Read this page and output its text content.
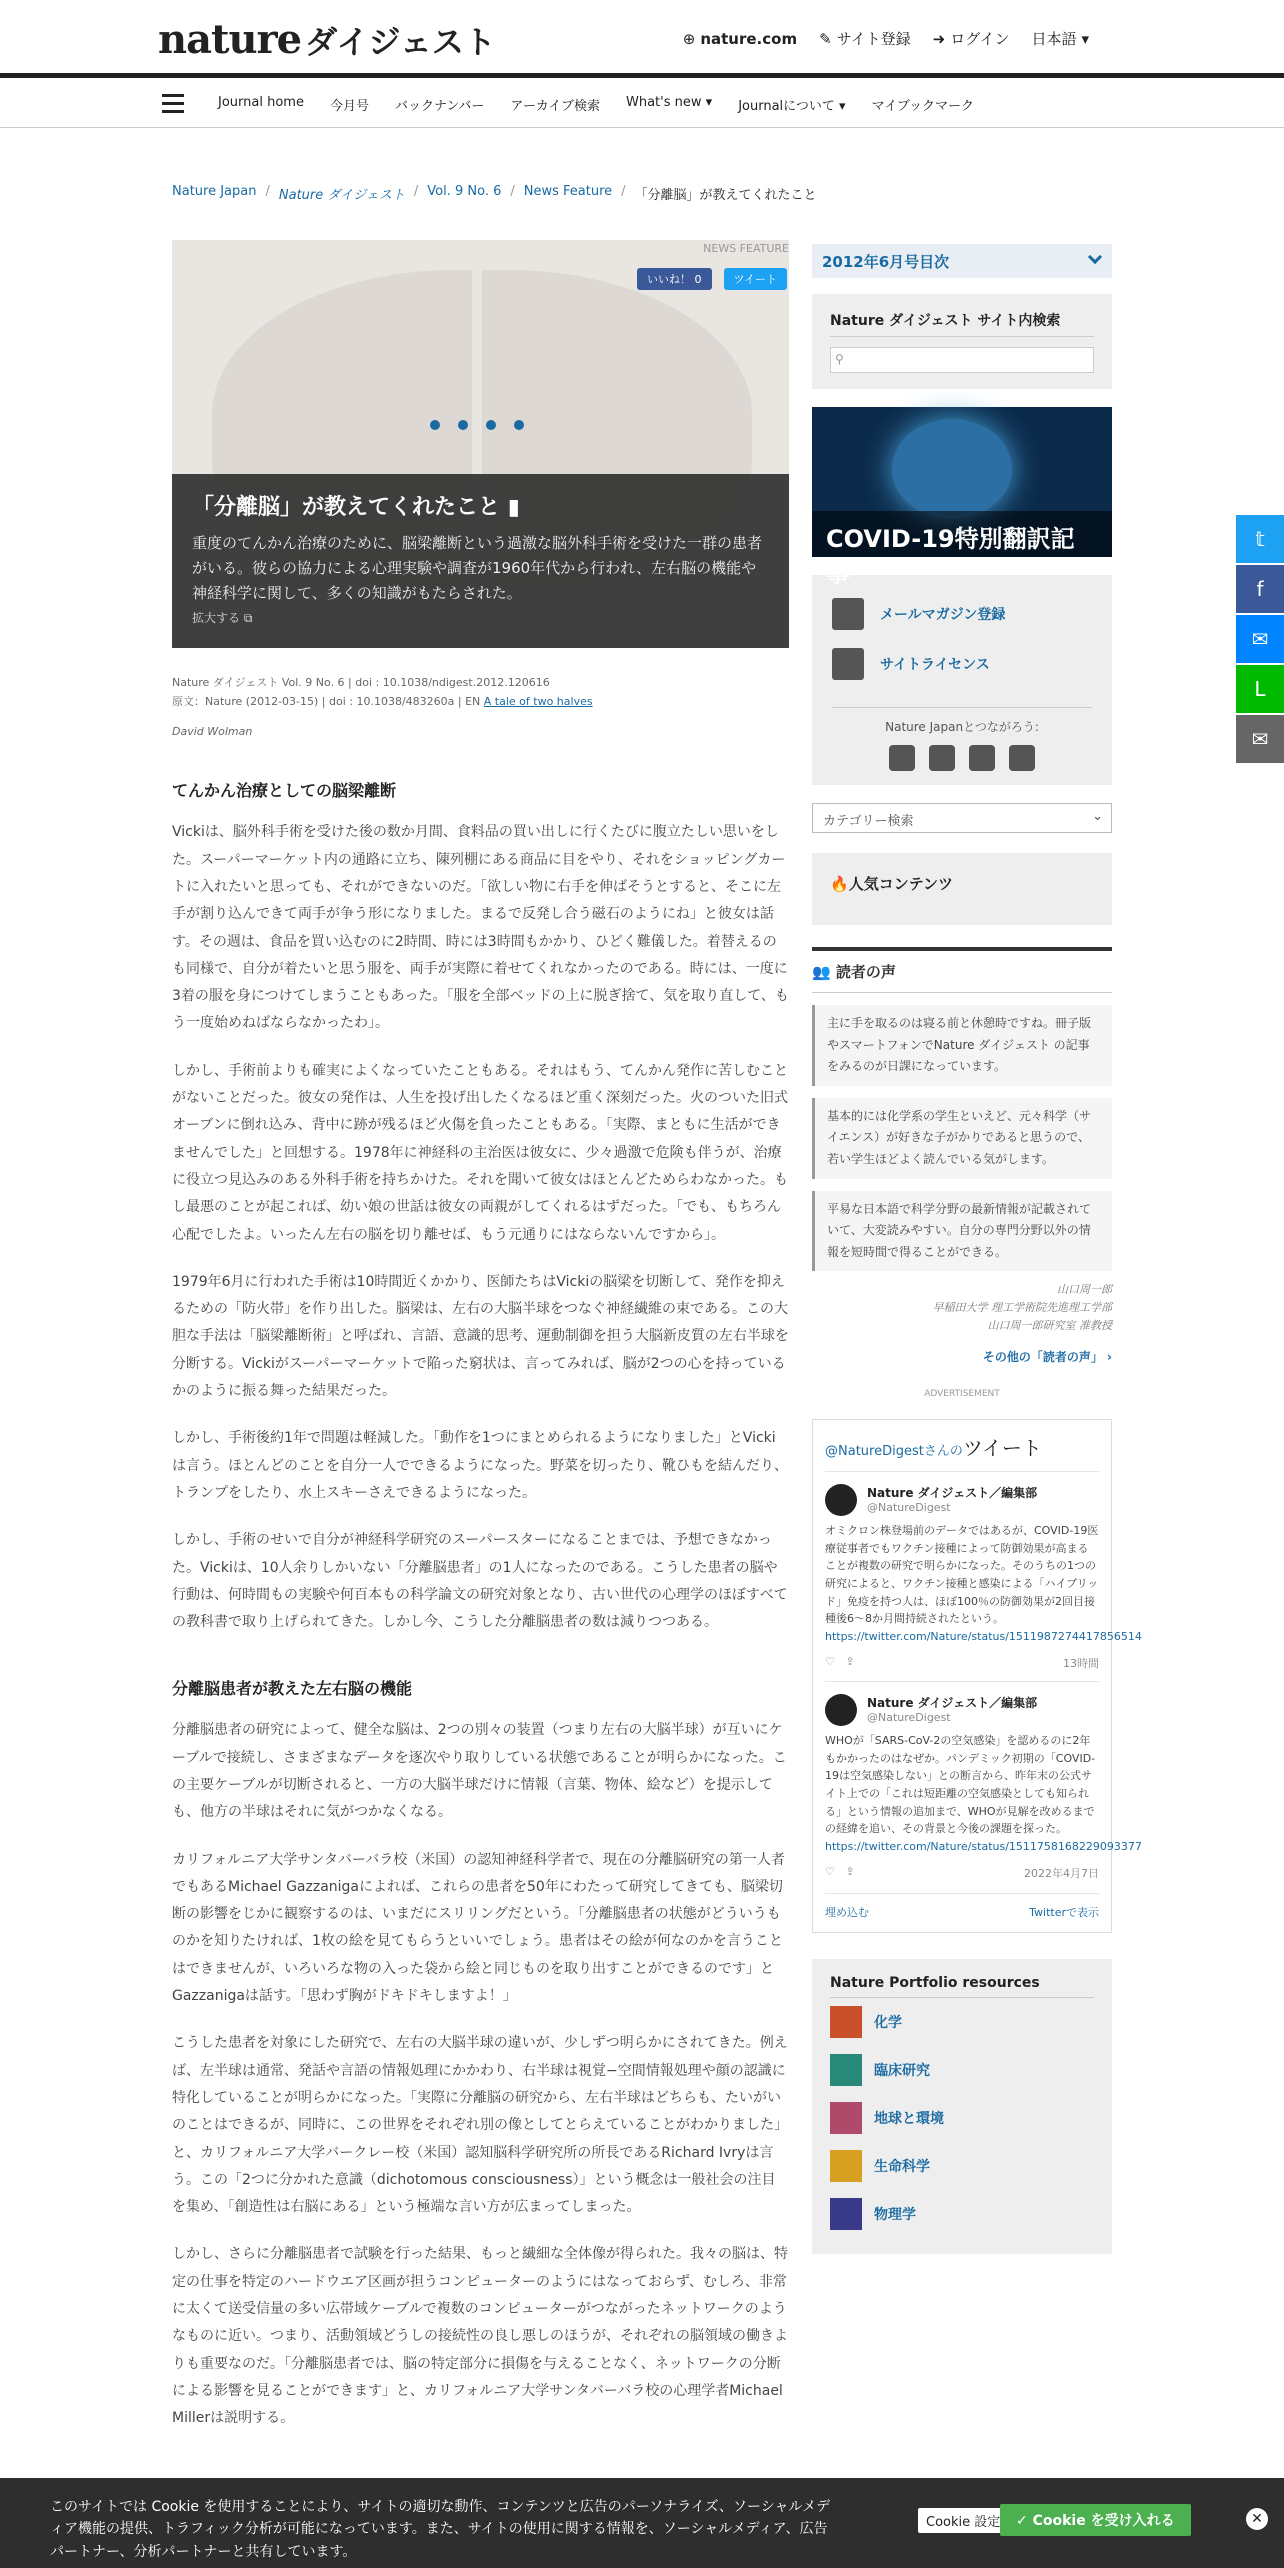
nature ダイジェスト	⊕ nature.com ✎ サイト登録 ➜ ログイン 日本語 ▾
Journal home 今月号 バックナンバー アーカイブ検索 What's new ▾ Journalについて ▾ マイブックマーク
Nature Japan / Nature ダイジェスト / Vol. 9 No. 6 / News Feature / 「分離脳」が教えてくれたこと
NEWS FEATURE
いいね！ 0	ツイート
「分離脳」が教えてくれたこと ▮

重度のてんかん治療のために、脳梁離断という過激な脳外科手術を受けた一群の患者がいる。彼らの協力による心理実験や調査が1960年代から行われ、左右脳の機能や神経科学に関して、多くの知識がもたらされた。

拡大する ⧉
Nature ダイジェスト Vol. 9 No. 6 | doi : 10.1038/ndigest.2012.120616
原文：Nature (2012-03-15) | doi : 10.1038/483260a | EN A tale of two halves
David Wolman
てんかん治療としての脳梁離断

Vickiは、脳外科手術を受けた後の数か月間、食料品の買い出しに行くたびに腹立たしい思いをした。スーパーマーケット内の通路に立ち、陳列棚にある商品に目をやり、それをショッピングカートに入れたいと思っても、それができないのだ。「欲しい物に右手を伸ばそうとすると、そこに左手が割り込んできて両手が争う形になりました。まるで反発し合う磁石のようにね」と彼女は話す。その週は、食品を買い込むのに2時間、時には3時間もかかり、ひどく難儀した。着替えるのも同様で、自分が着たいと思う服を、両手が実際に着せてくれなかったのである。時には、一度に3着の服を身につけてしまうこともあった。「服を全部ベッドの上に脱ぎ捨て、気を取り直して、もう一度始めねばならなかったわ」。

しかし、手術前よりも確実によくなっていたこともある。それはもう、てんかん発作に苦しむことがないことだった。彼女の発作は、人生を投げ出したくなるほど重く深刻だった。火のついた旧式オーブンに倒れ込み、背中に跡が残るほど火傷を負ったこともある。「実際、まともに生活ができませんでした」と回想する。1978年に神経科の主治医は彼女に、少々過激で危険も伴うが、治療に役立つ見込みのある外科手術を持ちかけた。それを聞いて彼女はほとんどためらわなかった。もし最悪のことが起これば、幼い娘の世話は彼女の両親がしてくれるはずだった。「でも、もちろん心配でしたよ。いったん左右の脳を切り離せば、もう元通りにはならないんですから」。

1979年6月に行われた手術は10時間近くかかり、医師たちはVickiの脳梁を切断して、発作を抑えるための「防火帯」を作り出した。脳梁は、左右の大脳半球をつなぐ神経繊維の束である。この大胆な手法は「脳梁離断術」と呼ばれ、言語、意識的思考、運動制御を担う大脳新皮質の左右半球を分断する。Vickiがスーパーマーケットで陥った窮状は、言ってみれば、脳が2つの心を持っているかのように振る舞った結果だった。

しかし、手術後約1年で問題は軽減した。「動作を1つにまとめられるようになりました」とVickiは言う。ほとんどのことを自分一人でできるようになった。野菜を切ったり、靴ひもを結んだり、トランプをしたり、水上スキーさえできるようになった。

しかし、手術のせいで自分が神経科学研究のスーパースターになることまでは、予想できなかった。Vickiは、10人余りしかいない「分離脳患者」の1人になったのである。こうした患者の脳や行動は、何時間もの実験や何百本もの科学論文の研究対象となり、古い世代の心理学のほぼすべての教科書で取り上げられてきた。しかし今、こうした分離脳患者の数は減りつつある。

分離脳患者が教えた左右脳の機能

分離脳患者の研究によって、健全な脳は、2つの別々の装置（つまり左右の大脳半球）が互いにケーブルで接続し、さまざまなデータを逐次やり取りしている状態であることが明らかになった。この主要ケーブルが切断されると、一方の大脳半球だけに情報（言葉、物体、絵など）を提示しても、他方の半球はそれに気がつかなくなる。

カリフォルニア大学サンタバーバラ校（米国）の認知神経科学者で、現在の分離脳研究の第一人者でもあるMichael Gazzanigaによれば、これらの患者を50年にわたって研究してきても、脳梁切断の影響をじかに観察するのは、いまだにスリリングだという。「分離脳患者の状態がどういうものかを知りたければ、1枚の絵を見てもらうといいでしょう。患者はその絵が何なのかを言うことはできませんが、いろいろな物の入った袋から絵と同じものを取り出すことができるのです」とGazzanigaは話す。「思わず胸がドキドキしますよ！」

こうした患者を対象にした研究で、左右の大脳半球の違いが、少しずつ明らかにされてきた。例えば、左半球は通常、発話や言語の情報処理にかかわり、右半球は視覚−空間情報処理や顔の認識に特化していることが明らかになった。「実際に分離脳の研究から、左右半球はどちらも、たいがいのことはできるが、同時に、この世界をそれぞれ別の像としてとらえていることがわかりました」と、カリフォルニア大学バークレー校（米国）認知脳科学研究所の所長であるRichard Ivryは言う。この「2つに分かれた意識（dichotomous consciousness）」という概念は一般社会の注目を集め、「創造性は右脳にある」という極端な言い方が広まってしまった。

しかし、さらに分離脳患者で試験を行った結果、もっと繊細な全体像が得られた。我々の脳は、特定の仕事を特定のハードウエア区画が担うコンピューターのようにはなっておらず、むしろ、非常に太くて送受信量の多い広帯域ケーブルで複数のコンピューターがつながったネットワークのようなものに近い。つまり、活動領域どうしの接続性の良し悪しのほうが、それぞれの脳領域の働きよりも重要なのだ。「分離脳患者では、脳の特定部分に損傷を与えることなく、ネットワークの分断による影響を見ることができます」と、カリフォルニア大学サンタバーバラ校の心理学者Michael Millerは説明する。

2012年6月号目次
Nature ダイジェスト サイト内検索
⚲
COVID-19特別翻訳記事
メールマガジン登録
サイトライセンス
Nature Japanとつながろう:
カテゴリー検索	⌄
🔥人気コンテンツ
👥 読者の声
主に手を取るのは寝る前と休憩時ですね。冊子版やスマートフォンでNature ダイジェスト の記事をみるのが日課になっています。
基本的には化学系の学生といえど、元々科学（サイエンス）が好きな子がかりであると思うので、若い学生ほどよく読んでいる気がします。
平易な日本語で科学分野の最新情報が記載されていて、大変読みやすい。自分の専門分野以外の情報を短時間で得ることができる。
山口周一郎
早稲田大学 理工学術院先進理工学部
山口周一郎研究室 准教授
その他の「読者の声」 ›
ADVERTISEMENT
@NatureDigestさんのツイート
Nature ダイジェスト／編集部
@NatureDigest
オミクロン株登場前のデータではあるが、COVID-19医療従事者でもワクチン接種によって防御効果が高まることが複数の研究で明らかになった。そのうちの1つの研究によると、ワクチン接種と感染による「ハイブリッド」免疫を持つ人は、ほぼ100％の防御効果が2回目接種後6〜8か月間持続されたという。
https://twitter.com/Nature/status/1511987274417856514
♡ ⇪	13時間
Nature ダイジェスト／編集部
@NatureDigest
WHOが「SARS-CoV-2の空気感染」を認めるのに2年もかかったのはなぜか。パンデミック初期の「COVID-19は空気感染しない」との断言から、昨年末の公式サイト上での「これは短距離の空気感染としても知られる」という情報の追加まで、WHOが見解を改めるまでの経緯を追い、その背景と今後の課題を探った。
https://twitter.com/Nature/status/1511758168229093377
♡ ⇪	2022年4月7日
埋め込む	Twitterで表示
Nature Portfolio resources
化学
臨床研究
地球と環境
生命科学
物理学
𝕥
f
✉
L
✉

このサイトでは Cookie を使用することにより、サイトの適切な動作、コンテンツと広告のパーソナライズ、ソーシャルメディア機能の提供、トラフィック分析が可能になっています。また、サイトの使用に関する情報を、ソーシャルメディア、広告パートナー、分析パートナーと共有しています。

Cookie 設定	✓ Cookie を受け入れる	✕
